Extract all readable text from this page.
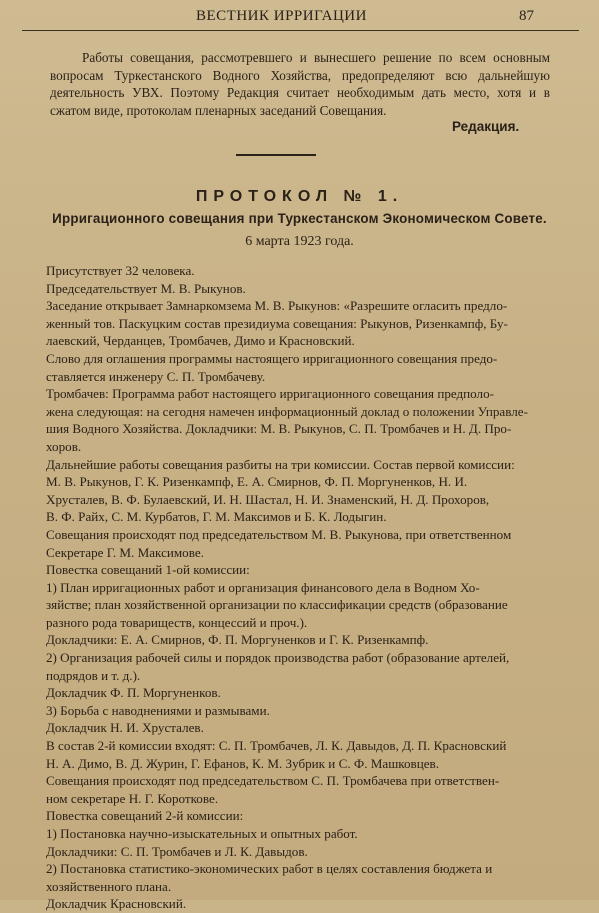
ВЕСТНИК ИРРИГАЦИИ	87

Работы совещания, рассмотревшего и вынесшего решение по всем основным вопросам Туркестанского Водного Хозяйства, предопределяют всю дальнейшую деятельность УВХ. Поэтому Редакция считает необходимым дать место, хотя и в сжатом виде, протоколам пленарных заседаний Совещания.

Редакция.
ПРОТОКОЛ № 1.
Ирригационного совещания при Туркестанском Экономическом Совете.
6 марта 1923 года.
Присутствует 32 человека.
Председательствует М. В. Рыкунов.
Заседание открывает Замнаркомзема М. В. Рыкунов: «Разрешите огласить предло-
женный тов. Паскуцким состав президиума совещания: Рыкунов, Ризенкампф, Бу-
лаевский, Черданцев, Тромбачев, Димо и Красновский.
Слово для оглашения программы настоящего ирригационного совещания предо-
ставляется инженеру С. П. Тромбачеву.
Тромбачев: Программа работ настоящего ирригационного совещания предполо-
жена следующая: на сегодня намечен информационный доклад о положении Управле-
шия Водного Хозяйства. Докладчики: М. В. Рыкунов, С. П. Тромбачев и Н. Д. Про-
хоров.
Дальнейшие работы совещания разбиты на три комиссии. Состав первой комиссии:
М. В. Рыкунов, Г. К. Ризенкампф, Е. А. Смирнов, Ф. П. Моргуненков, Н. И.
Хрусталев, В. Ф. Булаевский, И. Н. Шастал, Н. И. Знаменский, Н. Д. Прохоров,
В. Ф. Райх, С. М. Курбатов, Г. М. Максимов и Б. К. Лодыгин.
Совещания происходят под председательством М. В. Рыкунова, при ответственном
Секретаре Г. М. Максимове.
Повестка совещаний 1-ой комиссии:
1) План ирригационных работ и организация финансового дела в Водном Хо-
зяйстве; план хозяйственной организации по классификации средств (образование
разного рода товариществ, концессий и проч.).
Докладчики: Е. А. Смирнов, Ф. П. Моргуненков и Г. К. Ризенкампф.
2) Организация рабочей силы и порядок производства работ (образование артелей,
подрядов и т. д.).
Докладчик Ф. П. Моргуненков.
3) Борьба с наводнениями и размывами.
Докладчик Н. И. Хрусталев.
В состав 2-й комиссии входят: С. П. Тромбачев, Л. К. Давыдов, Д. П. Красновский
Н. А. Димо, В. Д. Журин, Г. Ефанов, К. М. Зубрик и С. Ф. Машковцев.
Совещания происходят под председательством С. П. Тромбачева при ответствен-
ном секретаре Н. Г. Коротковe.
Повестка совещаний 2-й комиссии:
1) Постановка научно-изыскательных и опытных работ.
Докладчики: С. П. Тромбачев и Л. К. Давыдов.
2) Постановка статистико-экономических работ в целях составления бюджета и
хозяйственного плана.
Докладчик Красновский.
